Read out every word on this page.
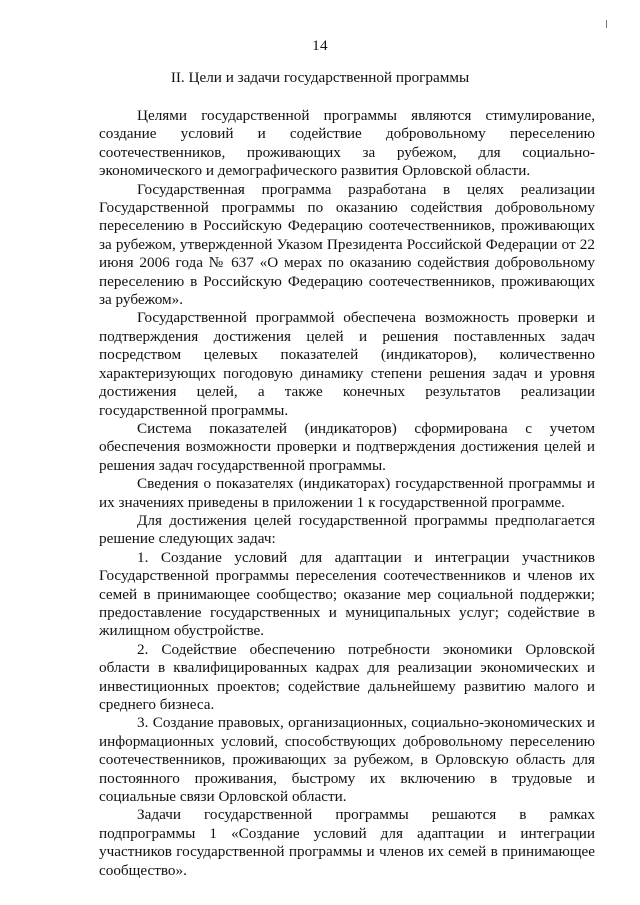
14
II. Цели и задачи государственной программы

Целями государственной программы являются стимулирование, создание условий и содействие добровольному переселению соотечественников, проживающих за рубежом, для социально-экономического и демографического развития Орловской области.

Государственная программа разработана в целях реализации Государственной программы по оказанию содействия добровольному переселению в Российскую Федерацию соотечественников, проживающих за рубежом, утвержденной Указом Президента Российской Федерации от 22 июня 2006 года № 637 «О мерах по оказанию содействия добровольному переселению в Российскую Федерацию соотечественников, проживающих за рубежом».

Государственной программой обеспечена возможность проверки и подтверждения достижения целей и решения поставленных задач посредством целевых показателей (индикаторов), количественно характеризующих погодовую динамику степени решения задач и уровня достижения целей, а также конечных результатов реализации государственной программы.

Система показателей (индикаторов) сформирована с учетом обеспечения возможности проверки и подтверждения достижения целей и решения задач государственной программы.

Сведения о показателях (индикаторах) государственной программы и их значениях приведены в приложении 1 к государственной программе.

Для достижения целей государственной программы предполагается решение следующих задач:

1. Создание условий для адаптации и интеграции участников Государственной программы переселения соотечественников и членов их семей в принимающее сообщество; оказание мер социальной поддержки; предоставление государственных и муниципальных услуг; содействие в жилищном обустройстве.

2. Содействие обеспечению потребности экономики Орловской области в квалифицированных кадрах для реализации экономических и инвестиционных проектов; содействие дальнейшему развитию малого и среднего бизнеса.

3. Создание правовых, организационных, социально-экономических и информационных условий, способствующих добровольному переселению соотечественников, проживающих за рубежом, в Орловскую область для постоянного проживания, быстрому их включению в трудовые и социальные связи Орловской области.

Задачи государственной программы решаются в рамках подпрограммы 1 «Создание условий для адаптации и интеграции участников государственной программы и членов их семей в принимающее сообщество».
